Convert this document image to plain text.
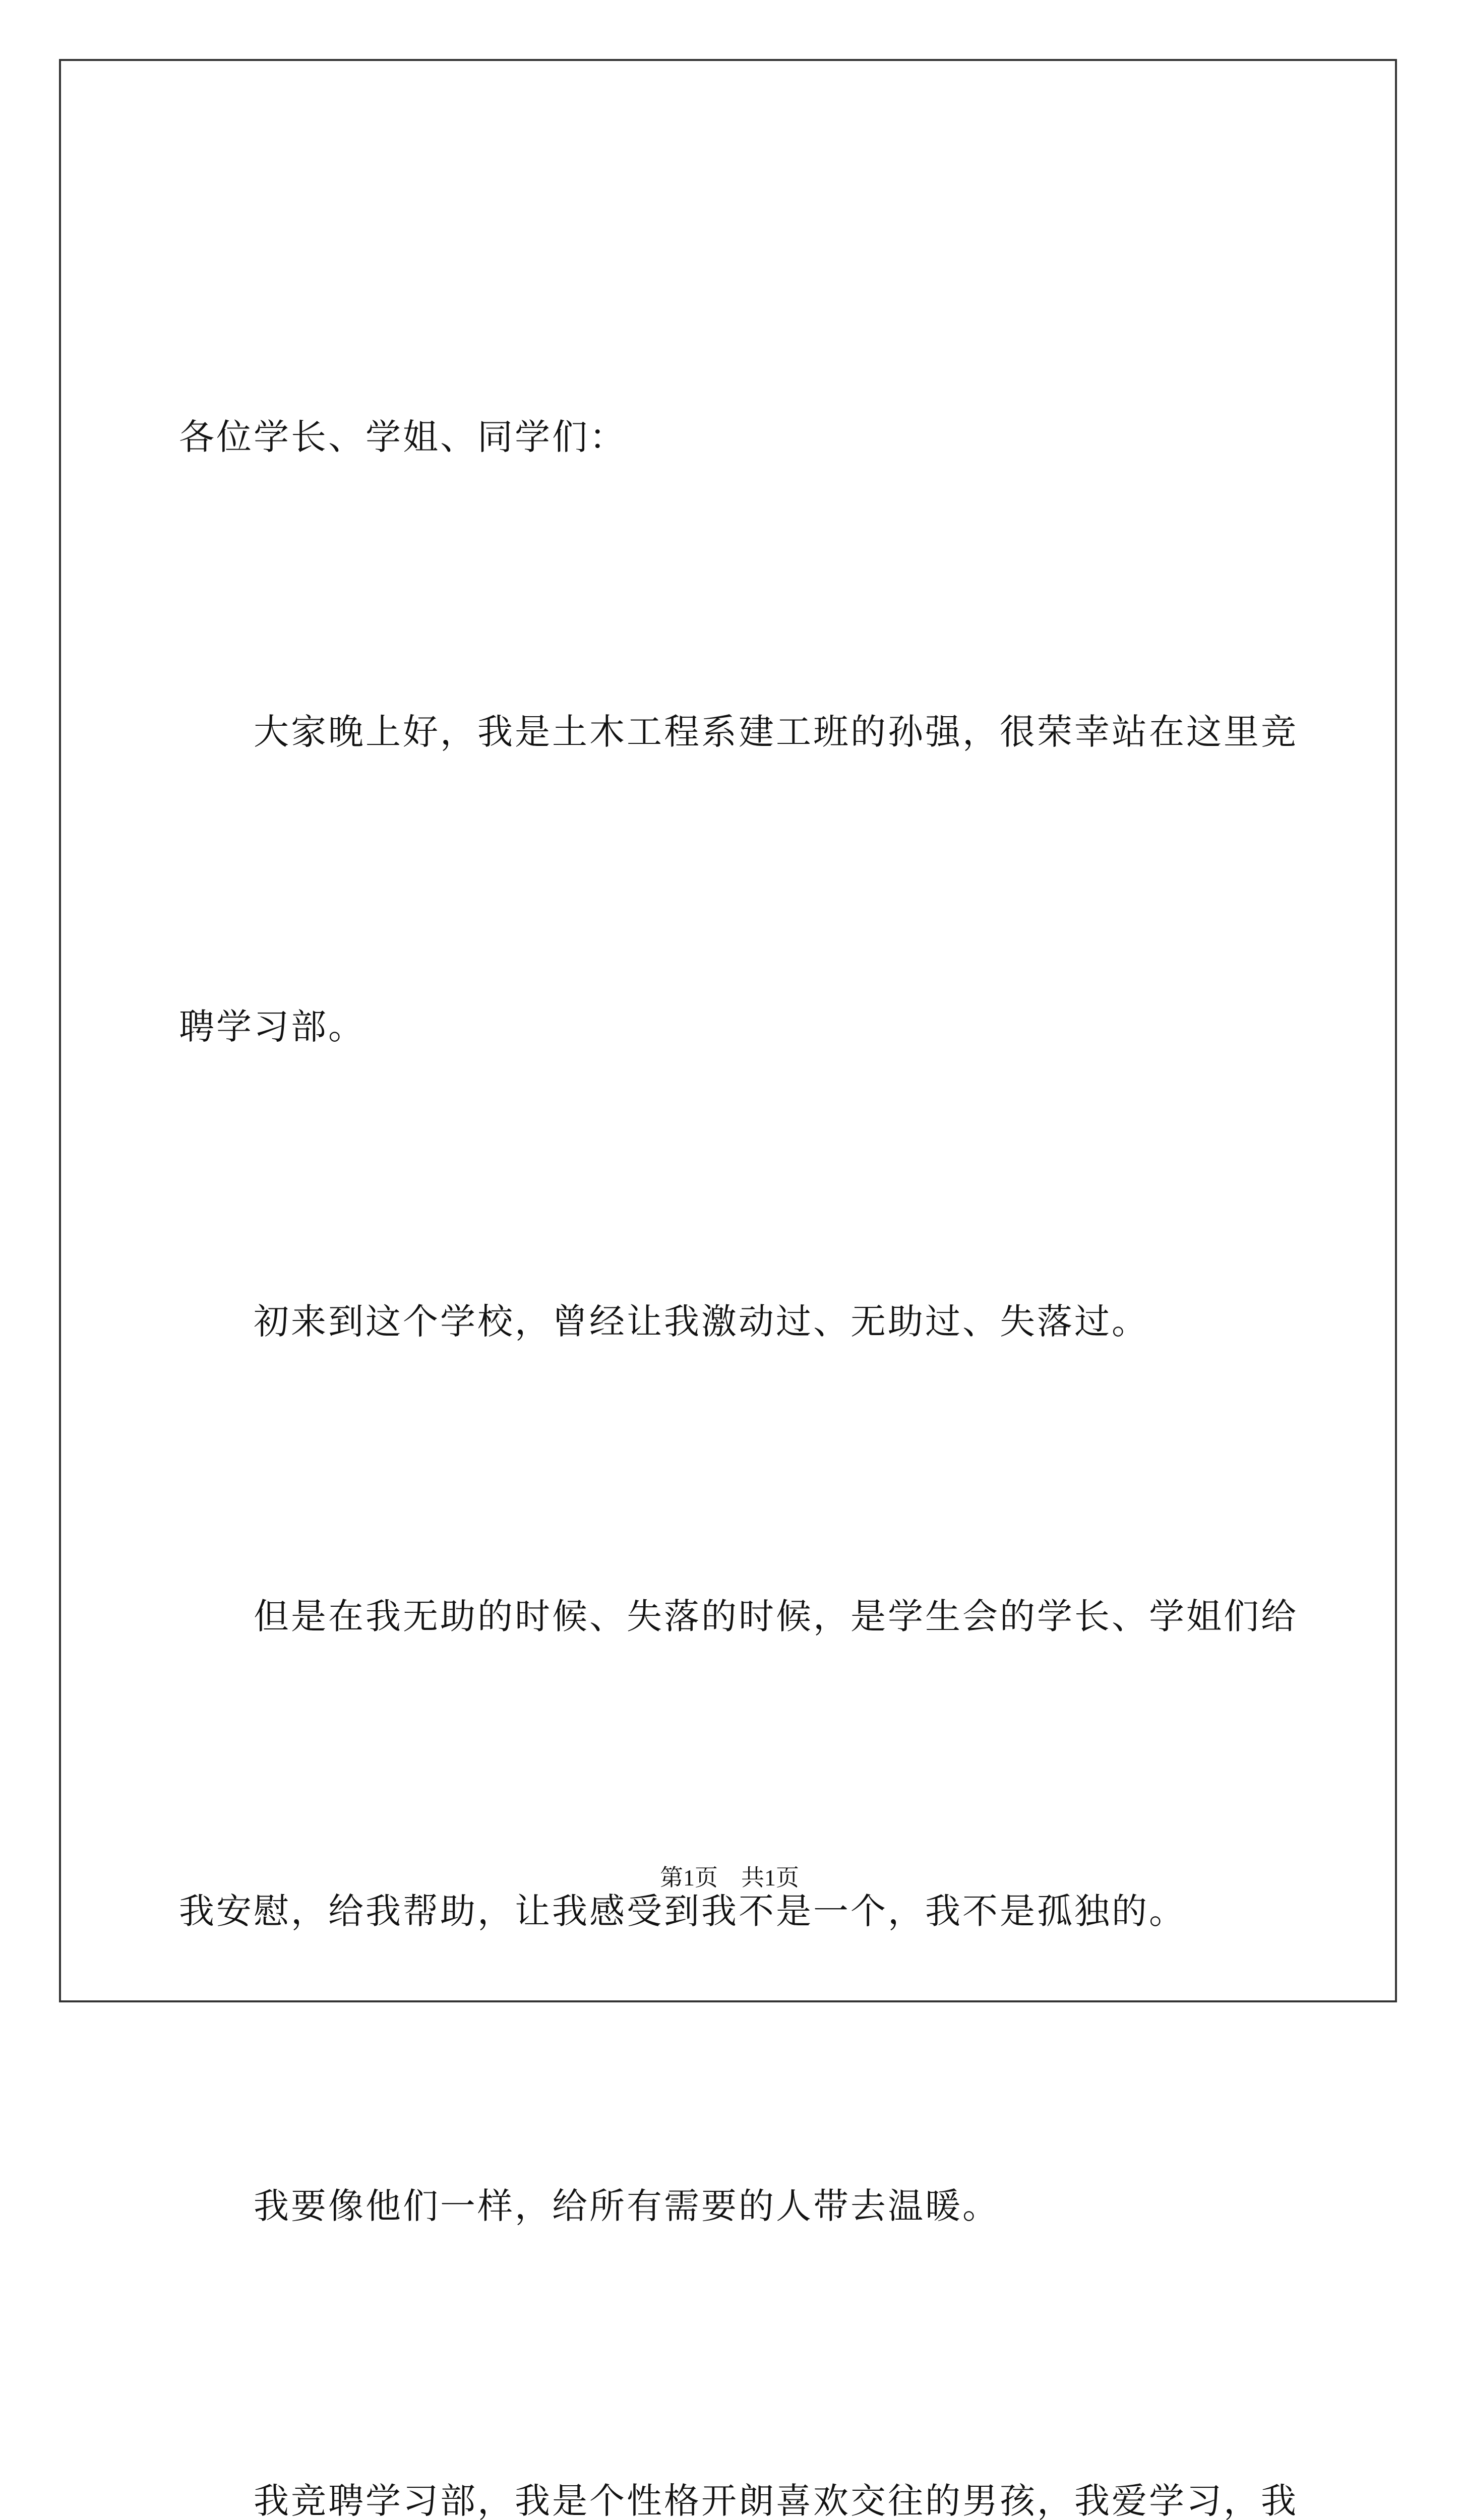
各位学长、学姐、同学们：

　　大家晚上好，我是土木工程系建工班的孙强，很荣幸站在这里竞

聘学习部。

　　初来到这个学校，曾经让我激动过、无助过、失落过。

　　但是在我无助的时候、失落的时候，是学生会的学长、学姐们给

我安慰，给我帮助，让我感受到我不是一个，我不是孤独的。

　　我要像他们一样，给所有需要的人带去温暖。

　　我竞聘学习部，我是个性格开朗喜欢交往的男孩，我爱学习，我

第1页　共1页
